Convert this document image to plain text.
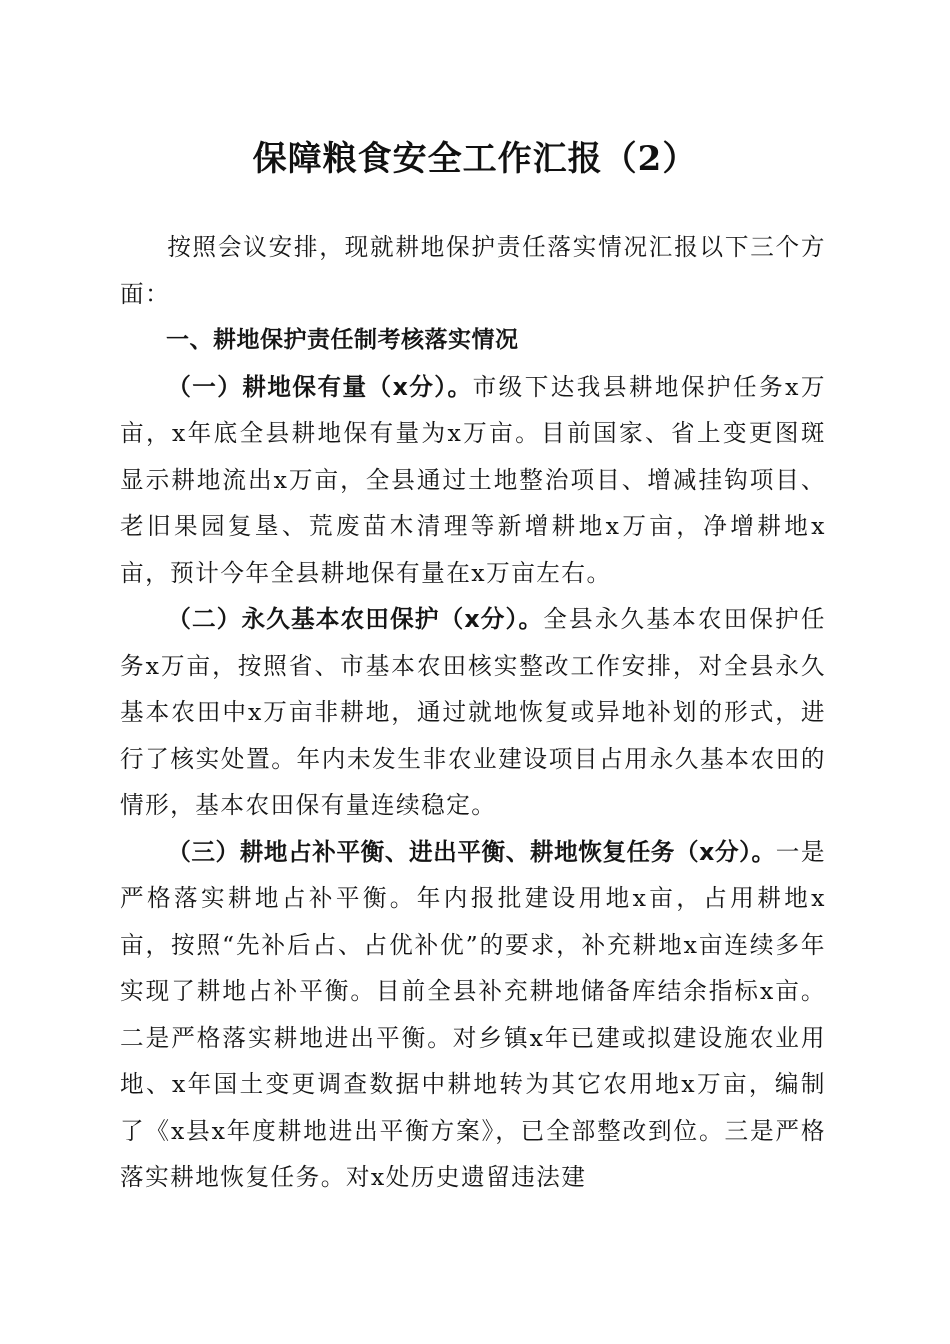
保障粮食安全工作汇报（2）

按照会议安排，现就耕地保护责任落实情况汇报以下三个方面：

一、耕地保护责任制考核落实情况

（一）耕地保有量（x分）。市级下达我县耕地保护任务x万亩，x年底全县耕地保有量为x万亩。目前国家、省上变更图斑显示耕地流出x万亩，全县通过土地整治项目、增减挂钩项目、老旧果园复垦、荒废苗木清理等新增耕地x万亩，净增耕地x亩，预计今年全县耕地保有量在x万亩左右。

（二）永久基本农田保护（x分）。全县永久基本农田保护任务x万亩，按照省、市基本农田核实整改工作安排，对全县永久基本农田中x万亩非耕地，通过就地恢复或异地补划的形式，进行了核实处置。年内未发生非农业建设项目占用永久基本农田的情形，基本农田保有量连续稳定。

（三）耕地占补平衡、进出平衡、耕地恢复任务（x分）。一是严格落实耕地占补平衡。年内报批建设用地x亩，占用耕地x亩，按照“先补后占、占优补优”的要求，补充耕地x亩连续多年实现了耕地占补平衡。目前全县补充耕地储备库结余指标x亩。二是严格落实耕地进出平衡。对乡镇x年已建或拟建设施农业用地、x年国土变更调查数据中耕地转为其它农用地x万亩，编制了《x县x年度耕地进出平衡方案》，已全部整改到位。三是严格落实耕地恢复任务。对x处历史遗留违法建
